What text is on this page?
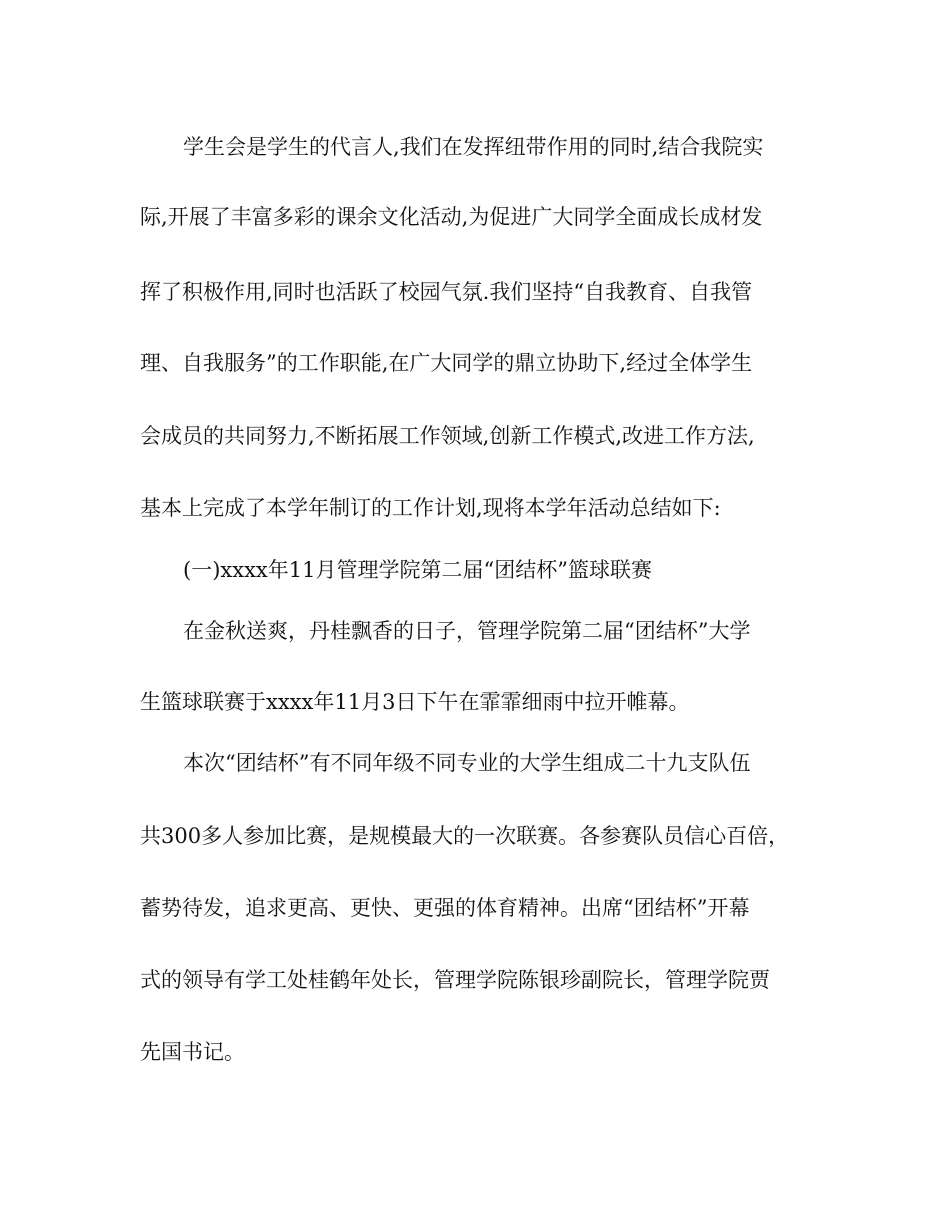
学生会是学生的代言人,我们在发挥纽带作用的同时,结合我院实

际,开展了丰富多彩的课余文化活动,为促进广大同学全面成长成材发

挥了积极作用,同时也活跃了校园气氛.我们坚持“自我教育、自我管

理、自我服务”的工作职能,在广大同学的鼎立协助下,经过全体学生

会成员的共同努力,不断拓展工作领域,创新工作模式,改进工作方法,

基本上完成了本学年制订的工作计划,现将本学年活动总结如下:

(一)xxxx年11月管理学院第二届“团结杯”篮球联赛

在金秋送爽，丹桂飘香的日子，管理学院第二届“团结杯”大学

生篮球联赛于xxxx年11月3日下午在霏霏细雨中拉开帷幕。

本次“团结杯”有不同年级不同专业的大学生组成二十九支队伍

共300多人参加比赛，是规模最大的一次联赛。各参赛队员信心百倍，

蓄势待发，追求更高、更快、更强的体育精神。出席“团结杯”开幕

式的领导有学工处桂鹤年处长，管理学院陈银珍副院长，管理学院贾

先国书记。
